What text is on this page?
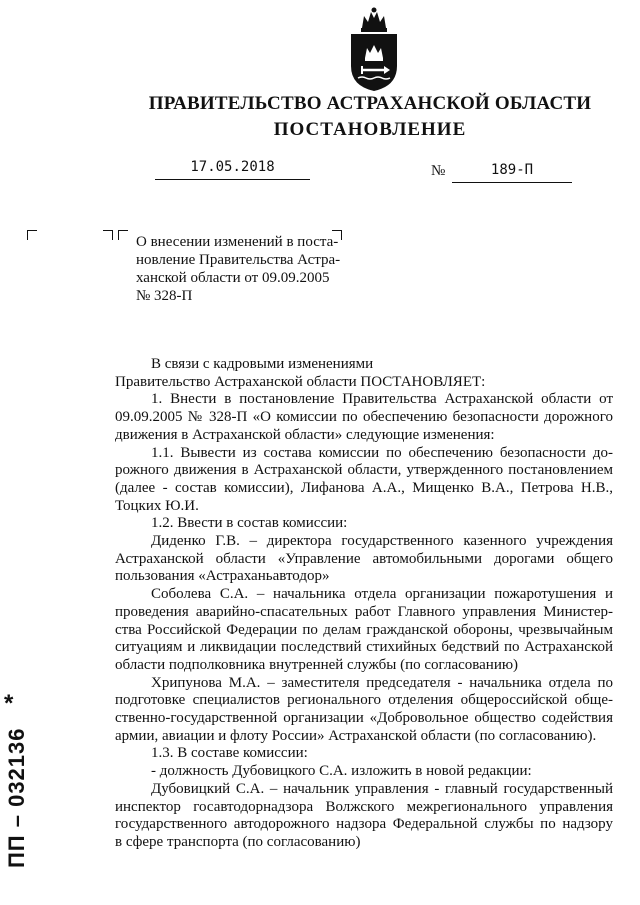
ПРАВИТЕЛЬСТВО АСТРАХАНСКОЙ ОБЛАСТИ
ПОСТАНОВЛЕНИЕ
17.05.2018	№	189-П
О внесении изменений в поста-
новление Правительства Астра-
ханской области от 09.09.2005
№ 328-П
В связи с кадровыми изменениями
Правительство Астраханской области ПОСТАНОВЛЯЕТ:
1. Внести в постановление Правительства Астраханской области от
09.09.2005 № 328-П «О комиссии по обеспечению безопасности дорожного
движения в Астраханской области» следующие изменения:
1.1. Вывести из состава комиссии по обеспечению безопасности до-
рожного движения в Астраханской области, утвержденного постановлением
(далее - состав комиссии), Лифанова А.А., Мищенко В.А., Петрова Н.В.,
Тоцких Ю.И.
1.2. Ввести в состав комиссии:
Диденко Г.В. – директора государственного казенного учреждения
Астраханской области «Управление автомобильными дорогами общего
пользования «Астраханьавтодор»
Соболева С.А. – начальника отдела организации пожаротушения и
проведения аварийно-спасательных работ Главного управления Министер-
ства Российской Федерации по делам гражданской обороны, чрезвычайным
ситуациям и ликвидации последствий стихийных бедствий по Астраханской
области подполковника внутренней службы (по согласованию)
Хрипунова М.А. – заместителя председателя - начальника отдела по
подготовке специалистов регионального отделения общероссийской обще-
ственно-государственной организации «Добровольное общество содействия
армии, авиации и флоту России» Астраханской области (по согласованию).
1.3. В составе комиссии:
- должность Дубовицкого С.А. изложить в новой редакции:
Дубовицкий С.А. – начальник управления - главный государственный
инспектор госавтодорнадзора Волжского межрегионального управления
государственного автодорожного надзора Федеральной службы по надзору
в сфере транспорта (по согласованию)
*
ПП – 032136
